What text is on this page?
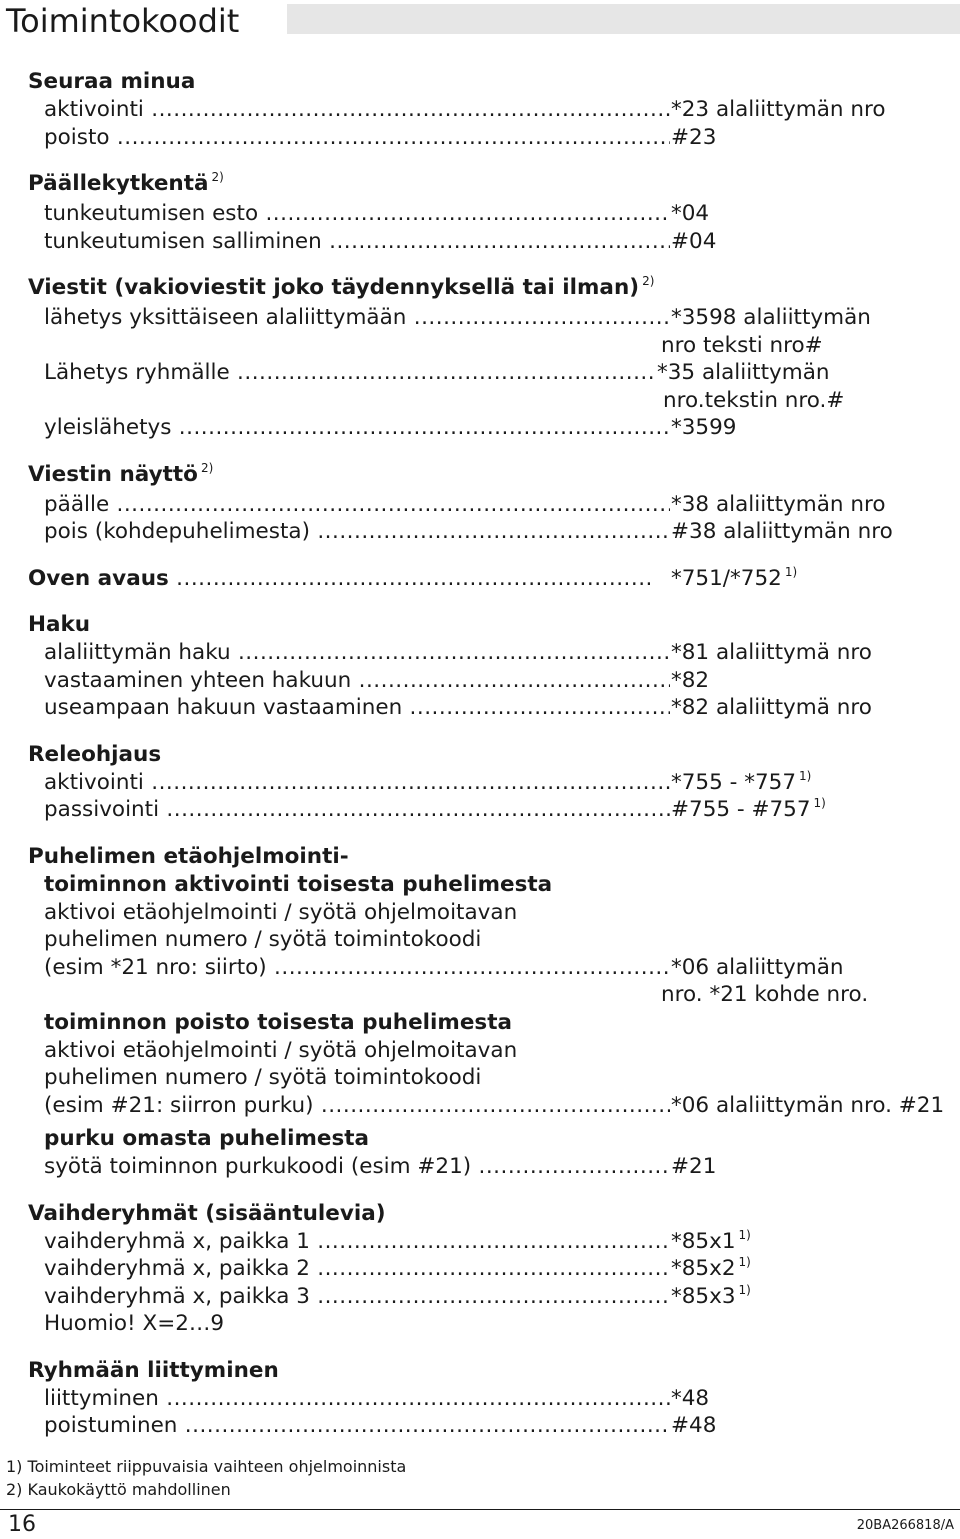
Toimintokoodit
Seuraa minua
aktivointi .....	*23 alaliittymän nro
poisto .....	#23
Päällekytkentä $^{2)}$
tunkeutumisen esto .....	*04
tunkeutumisen salliminen .....	#04
Viestit (vakioviestit joko täydennyksellä tai ilman) $^{2)}$
lähetys yksittäiseen alaliittymään .....	*3598 alaliittymän
nro teksti nro#
Lähetys ryhmälle .....	*35 alaliittymän
nro.tekstin nro.#
yleislähetys .....	*3599
Viestin näyttö $^{2)}$
päälle .....	*38 alaliittymän nro
pois (kohdepuhelimesta) .....	#38 alaliittymän nro
Oven avaus .....	*751/*752 $^{1)}$
Haku
alaliittymän haku .....	*81 alaliittymä nro
vastaaminen yhteen hakuun .....	*82
useampaan hakuun vastaaminen .....	*82 alaliittymä nro
Releohjaus
aktivointi .....	*755 - *757 $^{1)}$
passivointi .....	#755 - #757 $^{1)}$
Puhelimen etäohjelmointi-
toiminnon aktivointi toisesta puhelimesta
aktivoi etäohjelmointi / syötä ohjelmoitavan
puhelimen numero / syötä toimintokoodi
(esim *21 nro: siirto) .....	*06 alaliittymän
nro. *21 kohde nro.
toiminnon poisto toisesta puhelimesta
aktivoi etäohjelmointi / syötä ohjelmoitavan
puhelimen numero / syötä toimintokoodi
(esim #21: siirron purku) .....	*06 alaliittymän nro. #21
purku omasta puhelimesta
syötä toiminnon purkukoodi (esim #21) .....	#21
Vaihderyhmät (sisääntulevia)
vaihderyhmä x, paikka 1 .....	*85x1 $^{1)}$
vaihderyhmä x, paikka 2 .....	*85x2 $^{1)}$
vaihderyhmä x, paikka 3 .....	*85x3 $^{1)}$
Huomio! X=2…9
Ryhmään liittyminen
liittyminen .....	*48
poistuminen .....	#48
1) Toiminteet riippuvaisia vaihteen ohjelmoinnista
2) Kaukokäyttö mahdollinen
16	20BA266818/A
